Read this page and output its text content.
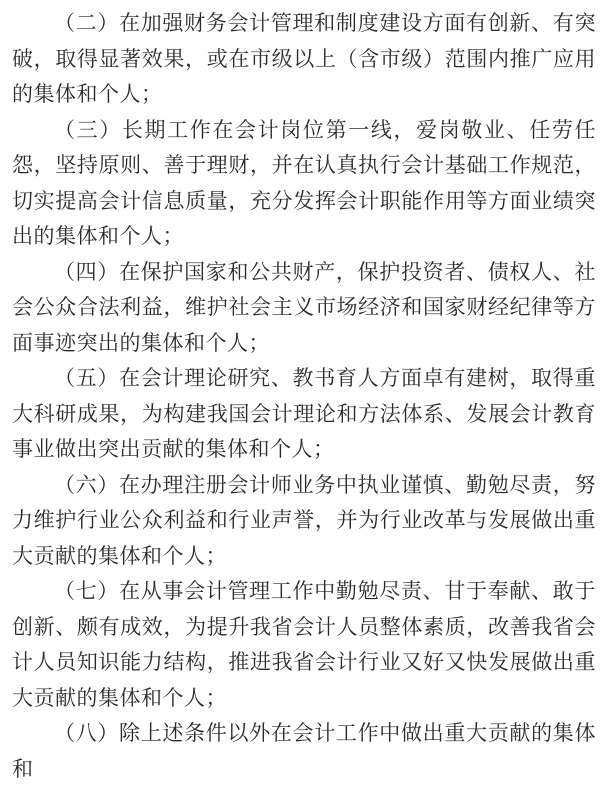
（二）在加强财务会计管理和制度建设方面有创新、有突破，取得显著效果，或在市级以上（含市级）范围内推广应用的集体和个人；

（三）长期工作在会计岗位第一线，爱岗敬业、任劳任怨，坚持原则、善于理财，并在认真执行会计基础工作规范，切实提高会计信息质量，充分发挥会计职能作用等方面业绩突出的集体和个人；

（四）在保护国家和公共财产，保护投资者、债权人、社会公众合法利益，维护社会主义市场经济和国家财经纪律等方面事迹突出的集体和个人；

（五）在会计理论研究、教书育人方面卓有建树，取得重大科研成果，为构建我国会计理论和方法体系、发展会计教育事业做出突出贡献的集体和个人；

（六）在办理注册会计师业务中执业谨慎、勤勉尽责，努力维护行业公众利益和行业声誉，并为行业改革与发展做出重大贡献的集体和个人；

（七）在从事会计管理工作中勤勉尽责、甘于奉献、敢于创新、颇有成效，为提升我省会计人员整体素质，改善我省会计人员知识能力结构，推进我省会计行业又好又快发展做出重大贡献的集体和个人；

（八）除上述条件以外在会计工作中做出重大贡献的集体和
